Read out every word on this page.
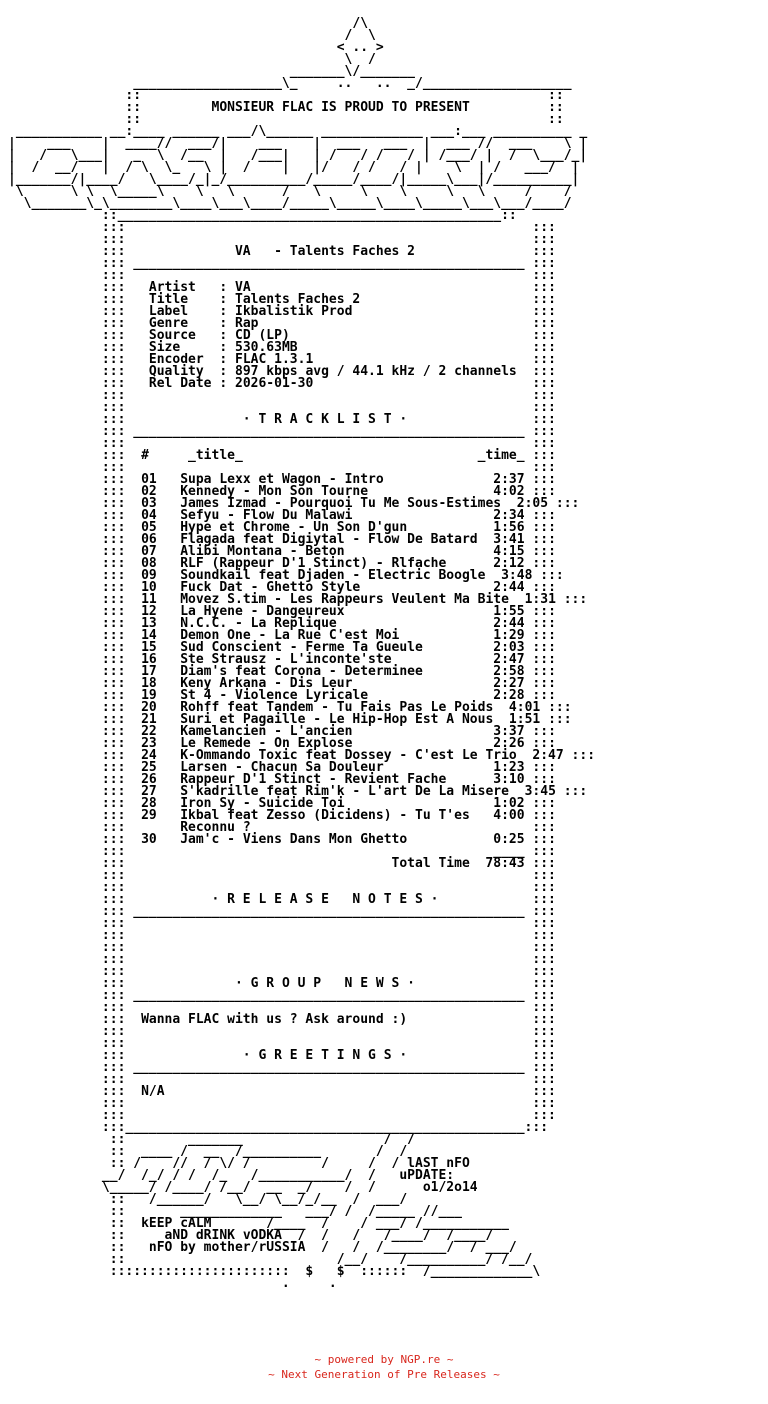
/\
/  \
< .. >
\  /
_______\/_______
___________________\_     ..   ..  _/___________________
::                                                    ::
::         MONSIEUR FLAC IS PROUD TO PRESENT          ::
::                                                    ::
___________ __:____ ______ ___/\______ _____________ ___:___ __________ _
|    ___    |  ____//  ___/|    ___    |  ___   ___  |  ___ //  ___    \ |
|   /   \___|   _  \  /__  |   /___|   | /   / /   / | /___/ |  /  \___/_|
|  /  __/   |  / \  \_   \ |  /    |   |/   / /   / |    \  | /   ___/  |
|_______/|____/   \____/_|_/__________/_____/____/|_____\___|/__________|
\      \ \  \_____\    \   \      /   \     \    \     \   \     /    /
\_______\_\________\____\___\____/_____\_____\____\_____\___\___/____/
::_________________________________________________::
:::	:::
:::	:::
:::              VA   - Talents Faches 2               :::
::: __________________________________________________ :::
:::	:::
:::   Artist   : VA                                    :::
:::   Title    : Talents Faches 2                      :::
:::   Label    : Ikbalistik Prod                       :::
:::   Genre    : Rap                                   :::
:::   Source   : CD (LP)                               :::
:::   Size     : 530.63MB                              :::
:::   Encoder  : FLAC 1.3.1                            :::
:::   Quality  : 897 kbps avg / 44.1 kHz / 2 channels  :::
:::   Rel Date : 2026-01-30                            :::
:::	:::
:::	:::
:::               · T R A C K L I S T ·                :::
::: __________________________________________________ :::
:::	:::
:::  #     _title_                              _time_ :::
:::	:::
:::  01   Supa Lexx et Wagon - Intro              2:37 :::
:::  02   Kennedy - Mon Son Tourne                4:02 :::
:::  03   James Izmad - Pourquoi Tu Me Sous-Estimes  2:05 :::
:::  04   Sefyu - Flow Du Malawi                  2:34 :::
:::  05   Hype et Chrome - Un Son D'gun           1:56 :::
:::  06   Flagada feat Digiytal - Flow De Batard  3:41 :::
:::  07   Alibi Montana - Beton                   4:15 :::
:::  08   RLF (Rappeur D'1 Stinct) - Rlfache      2:12 :::
:::  09   Soundkail feat Djaden - Electric Boogle  3:48 :::
:::  10   Fuck Dat - Ghetto Style                 2:44 :::
:::  11   Movez S.tim - Les Rappeurs Veulent Ma Bite  1:31 :::
:::  12   La Hyene - Dangeureux                   1:55 :::
:::  13   N.C.C. - La Replique                    2:44 :::
:::  14   Demon One - La Rue C'est Moi            1:29 :::
:::  15   Sud Conscient - Ferme Ta Gueule         2:03 :::
:::  16   Ste Strausz - L'inconte'ste             2:47 :::
:::  17   Diam's feat Corona - Determinee         2:58 :::
:::  18   Keny Arkana - Dis Leur                  2:27 :::
:::  19   St 4 - Violence Lyricale                2:28 :::
:::  20   Rohff feat Tandem - Tu Fais Pas Le Poids  4:01 :::
:::  21   Suri et Pagaille - Le Hip-Hop Est A Nous  1:51 :::
:::  22   Kamelancien - L'ancien                  3:37 :::
:::  23   Le Remede - On Explose                  2:26 :::
:::  24   K-Ommando Toxic feat Dossey - C'est Le Trio  2:47 :::
:::  25   Larsen - Chacun Sa Douleur              1:23 :::
:::  26   Rappeur D'1 Stinct - Revient Fache      3:10 :::
:::  27   S'kadrille feat Rim'k - L'art De La Misere  3:45 :::
:::  28   Iron Sy - Suicide Toi                   1:02 :::
:::  29   Ikbal feat Zesso (Dicidens) - Tu T'es   4:00 :::
:::	Reconnu ?                                    :::
:::  30   Jam'c - Viens Dans Mon Ghetto           0:25 :::
:::                                               ____ :::
:::                                  Total Time  78:43 :::
:::	:::
:::	:::
:::           · R E L E A S E   N O T E S ·            :::
::: __________________________________________________ :::
:::	:::
:::	:::
:::	:::
:::	:::
:::	:::
:::              · G R O U P   N E W S ·               :::
::: __________________________________________________ :::
:::	:::
:::  Wanna FLAC with us ? Ask around :)                :::
:::	:::
:::	:::
:::               · G R E E T I N G S ·                :::
::: __________________________________________________ :::
:::	:::
:::  N/A                                               :::
:::	:::
:::	:::
:::___________________________________________________:::
::        _______                  /  /
::  ____ /  __  /__________       /  /
:: /    //  / \/ /         /     /  / lAST nFO
__/  /_/ / /  /_   /___________/  /   uPDATE:
\_____/ /____/ /__/  __  _/    /  /      o1/2o14
::   /______/   \__/ \__/_/__  /  ___/
::       _____________   ___/ /  /_____ //___
::  kEEP cALM       /____  /    / ___/ /___________
::     aND dRINK vODKA  /  /   /   /____/  /____/
::   nFO by mother/rUSSIA  /   /  /________/  / ___/
::                           /__/    /__________/ /__/
:::::::::::::::::::::::  $   $  ::::::  /_____________\
.     .

~ powered by NGP.re ~
~ Next Generation of Pre Releases ~
